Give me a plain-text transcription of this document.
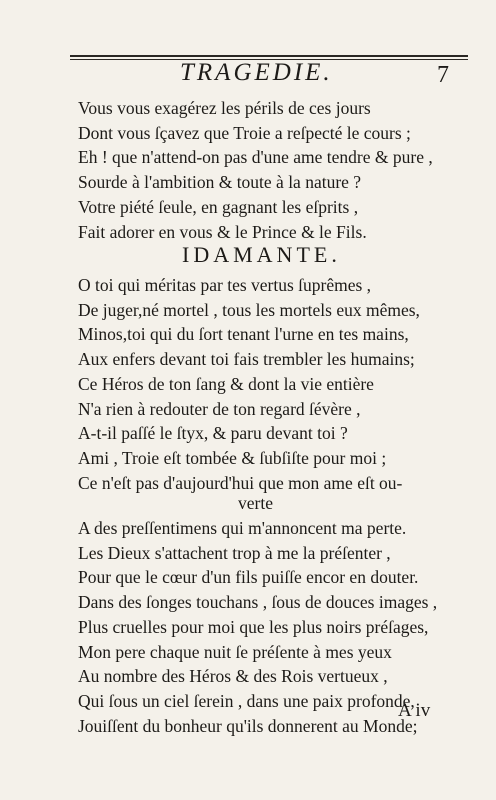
TRAGEDIE.	7
Vous vous exagérez les périls de ces jours
Dont vous ſçavez que Troie a reſpecté le cours ;
Eh ! que n'attend-on pas d'une ame tendre & pure ,
Sourde à l'ambition & toute à la nature ?
Votre piété ſeule, en gagnant les eſprits ,
Fait adorer en vous & le Prince & le Fils.
IDAMANTE.
O toi qui méritas par tes vertus ſuprêmes ,
De juger,né mortel , tous les mortels eux mêmes,
Minos,toi qui du ſort tenant l'urne en tes mains,
Aux enfers devant toi fais trembler les humains;
Ce Héros de ton ſang & dont la vie entière
N'a rien à redouter de ton regard ſévère ,
A-t-il paſſé le ſtyx, & paru devant toi ?
Ami , Troie eſt tombée & ſubſiſte pour moi ;
Ce n'eſt pas d'aujourd'hui que mon ame eſt ou-
verte
A des preſſentimens qui m'annoncent ma perte.
Les Dieux s'attachent trop à me la préſenter ,
Pour que le cœur d'un fils puiſſe encor en douter.
Dans des ſonges touchans , ſous de douces images ,
Plus cruelles pour moi que les plus noirs préſages,
Mon pere chaque nuit ſe préſente à mes yeux
Au nombre des Héros & des Rois vertueux ,
Qui ſous un ciel ſerein , dans une paix profonde,
Jouiſſent du bonheur qu'ils donnerent au Monde;
A iv
